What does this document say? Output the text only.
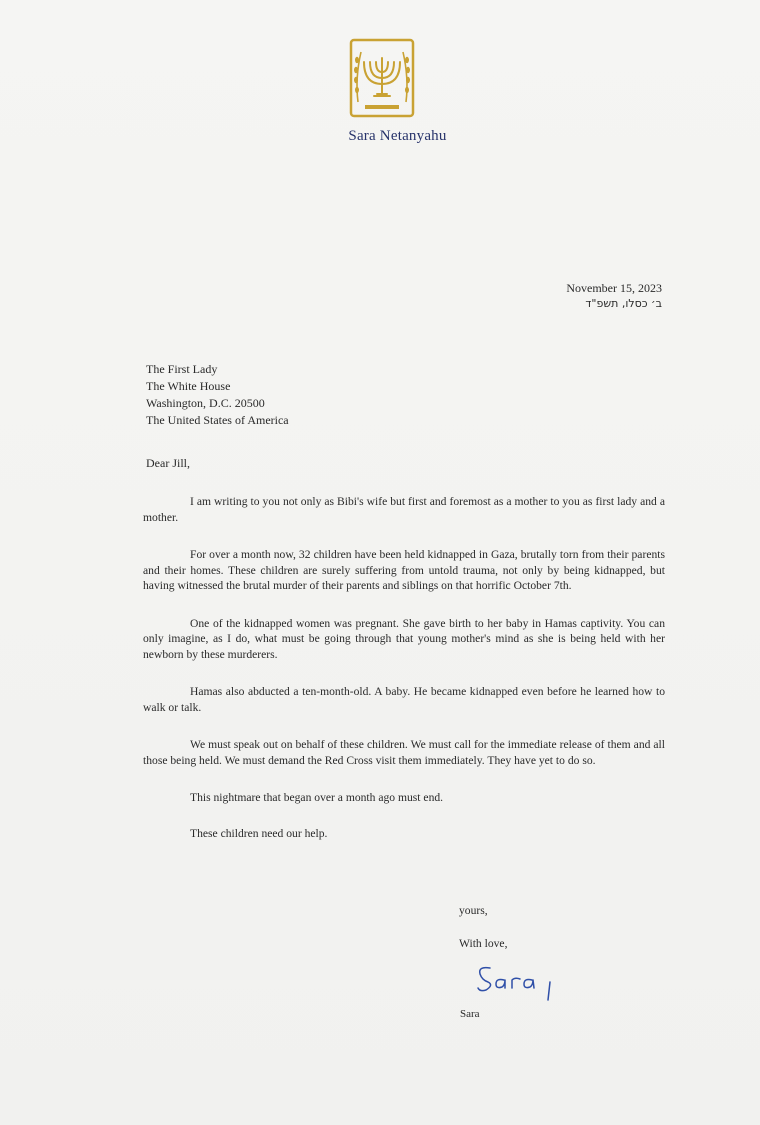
Sara Netanyahu
November 15, 2023
ב׳ כסלו, תשפ"ד
The First Lady
The White House
Washington, D.C. 20500
The United States of America
Dear Jill,

I am writing to you not only as Bibi's wife but first and foremost as a mother to you as first lady and a mother.

For over a month now, 32 children have been held kidnapped in Gaza, brutally torn from their parents and their homes. These children are surely suffering from untold trauma, not only by being kidnapped, but having witnessed the brutal murder of their parents and siblings on that horrific October 7th.

One of the kidnapped women was pregnant. She gave birth to her baby in Hamas captivity. You can only imagine, as I do, what must be going through that young mother's mind as she is being held with her newborn by these murderers.

Hamas also abducted a ten-month-old. A baby. He became kidnapped even before he learned how to walk or talk.

We must speak out on behalf of these children. We must call for the immediate release of them and all those being held. We must demand the Red Cross visit them immediately. They have yet to do so.

This nightmare that began over a month ago must end.

These children need our help.

yours,
With love,
Sara
